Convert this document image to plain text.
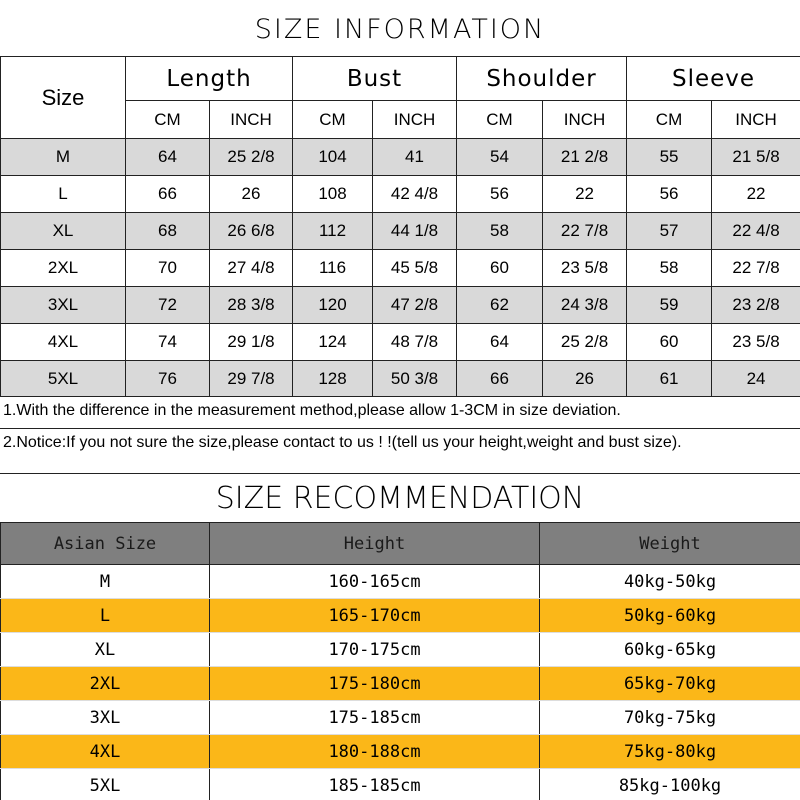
SIZE INFORMATION
Size	Length		Bust		Shoulder		Sleeve	
	CM	INCH	CM	INCH	CM	INCH	CM	INCH
M	64	25 2/8	104	41	54	21 2/8	55	21 5/8
L	66	26	108	42 4/8	56	22	56	22
XL	68	26 6/8	112	44 1/8	58	22 7/8	57	22 4/8
2XL	70	27 4/8	116	45 5/8	60	23 5/8	58	22 7/8
3XL	72	28 3/8	120	47 2/8	62	24 3/8	59	23 2/8
4XL	74	29 1/8	124	48 7/8	64	25 2/8	60	23 5/8
5XL	76	29 7/8	128	50 3/8	66	26	61	24
1.With the difference in the measurement method,please allow 1-3CM in size deviation.
2.Notice:If you not sure the size,please contact to us ! !(tell us your height,weight and bust size).
SIZE RECOMMENDATION
Asian Size	Height	Weight
M	160-165cm	40kg-50kg
L	165-170cm	50kg-60kg
XL	170-175cm	60kg-65kg
2XL	175-180cm	65kg-70kg
3XL	175-185cm	70kg-75kg
4XL	180-188cm	75kg-80kg
5XL	185-185cm	85kg-100kg
